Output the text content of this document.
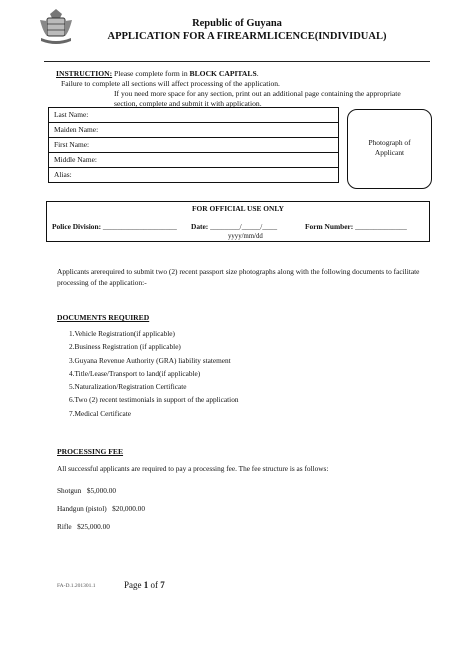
Republic of Guyana
APPLICATION FOR A FIREARMLICENCE(INDIVIDUAL)
INSTRUCTION: Please complete form in BLOCK CAPITALS.
Failure to complete all sections will affect processing of the application.
If you need more space for any section, print out an additional page containing the appropriate
section, complete and submit it with application.
Last Name:
Maiden Name:
First Name:
Middle Name:
Alias:
Photograph of
Applicant
FOR OFFICIAL USE ONLY
Police Division: ____________________ Date: ________/_____/____
yyyy/mm/dd
Form Number: ______________
Applicants arerequired to submit two (2) recent passport size photographs along with the following documents to facilitate processing of the application:-
DOCUMENTS REQUIRED
1.Vehicle Registration(if applicable)
2.Business Registration (if applicable)
3.Guyana Revenue Authority (GRA) liability statement
4.Title/Lease/Transport to land(if applicable)
5.Naturalization/Registration Certificate
6.Two (2) recent testimonials in support of the application
7.Medical Certificate
PROCESSING FEE
All successful applicants are required to pay a processing fee. The fee structure is as follows:
Shotgun $5,000.00
Handgun (pistol) $20,000.00
Rifle $25,000.00
FA-D.1.201301.1	Page 1 of 7
